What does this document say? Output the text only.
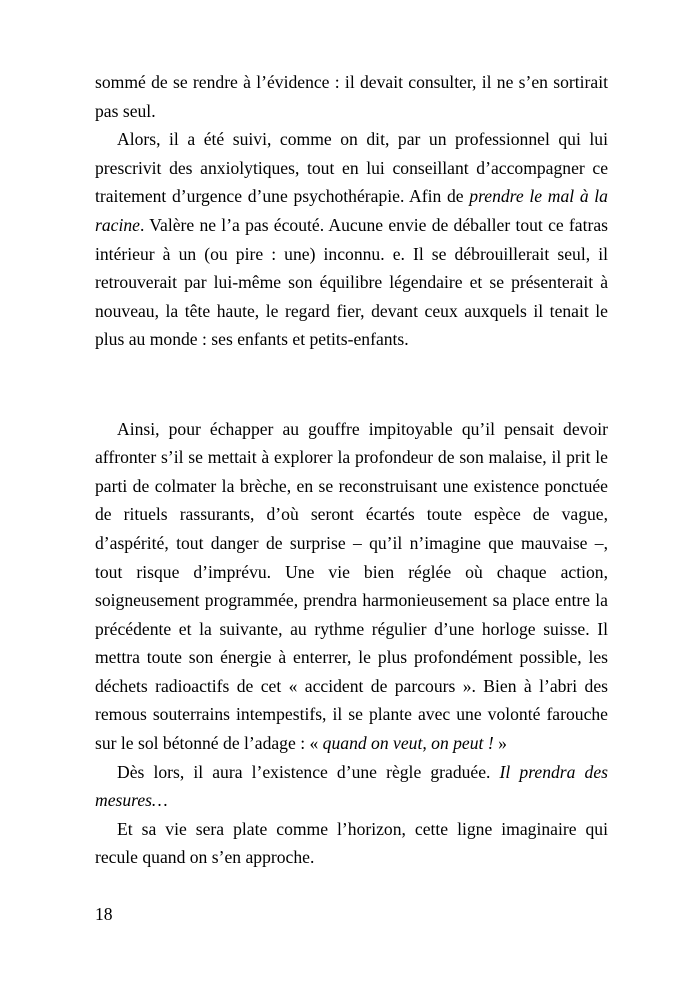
sommé de se rendre à l’évidence : il devait consulter, il ne s’en sortirait pas seul.

Alors, il a été suivi, comme on dit, par un professionnel qui lui prescrivit des anxiolytiques, tout en lui conseillant d’accompagner ce traitement d’urgence d’une psychothérapie. Afin de prendre le mal à la racine. Valère ne l’a pas écouté. Aucune envie de déballer tout ce fatras intérieur à un (ou pire : une) inconnu. e. Il se débrouillerait seul, il retrouverait par lui-même son équilibre légendaire et se présenterait à nouveau, la tête haute, le regard fier, devant ceux auxquels il tenait le plus au monde : ses enfants et petits-enfants.

Ainsi, pour échapper au gouffre impitoyable qu’il pensait devoir affronter s’il se mettait à explorer la profondeur de son malaise, il prit le parti de colmater la brèche, en se reconstruisant une existence ponctuée de rituels rassurants, d’où seront écartés toute espèce de vague, d’aspérité, tout danger de surprise – qu’il n’imagine que mauvaise –, tout risque d’imprévu. Une vie bien réglée où chaque action, soigneusement programmée, prendra harmonieusement sa place entre la précédente et la suivante, au rythme régulier d’une horloge suisse. Il mettra toute son énergie à enterrer, le plus profondément possible, les déchets radioactifs de cet « accident de parcours ». Bien à l’abri des remous souterrains intempestifs, il se plante avec une volonté farouche sur le sol bétonné de l’adage : « quand on veut, on peut ! »

Dès lors, il aura l’existence d’une règle graduée. Il prendra des mesures…

Et sa vie sera plate comme l’horizon, cette ligne imaginaire qui recule quand on s’en approche.

18
